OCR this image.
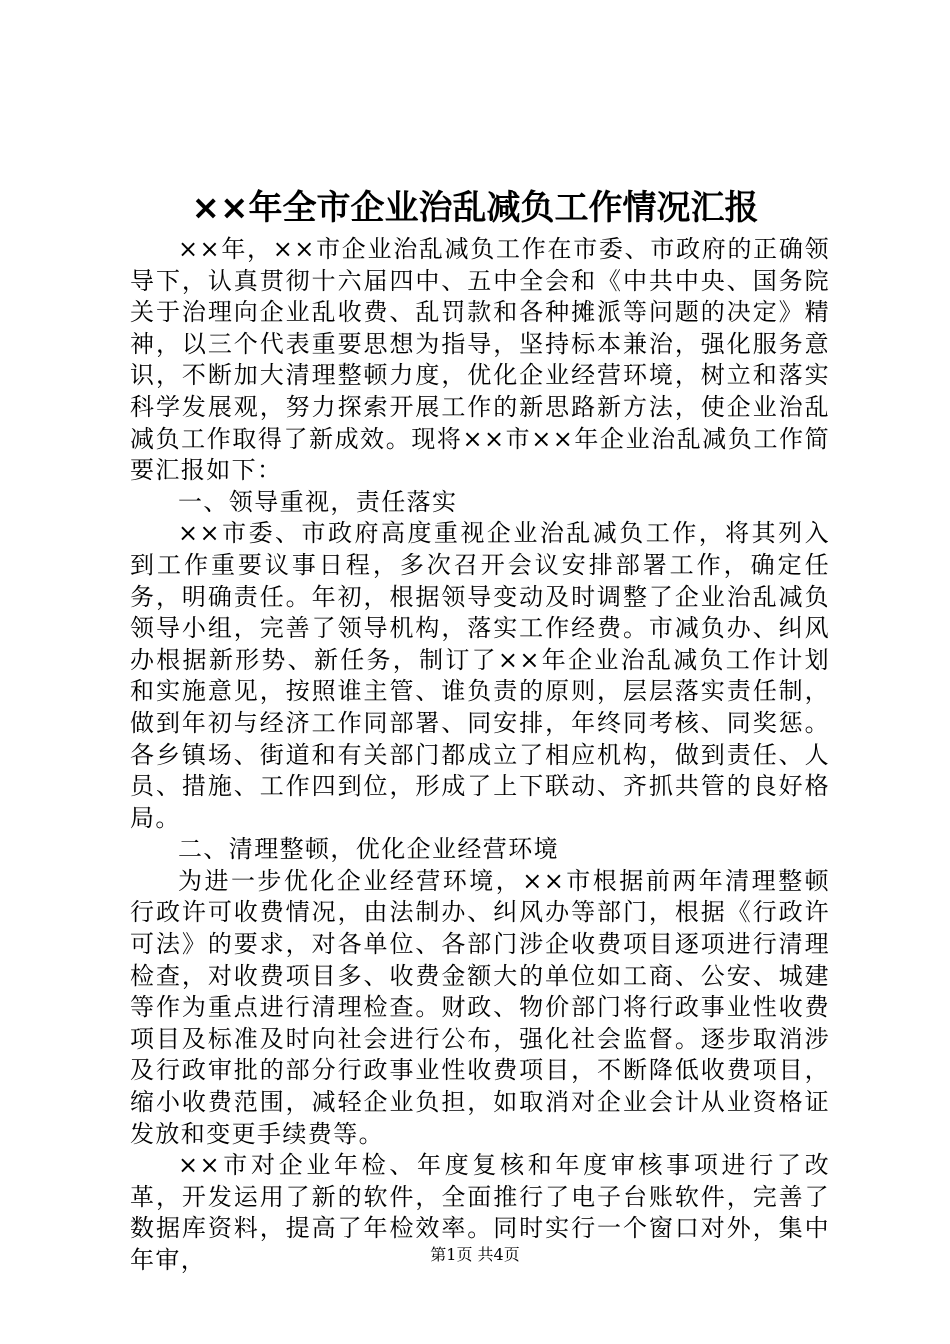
××年全市企业治乱减负工作情况汇报

××年，××市企业治乱减负工作在市委、市政府的正确领导下，认真贯彻十六届四中、五中全会和《中共中央、国务院关于治理向企业乱收费、乱罚款和各种摊派等问题的决定》精神，以三个代表重要思想为指导，坚持标本兼治，强化服务意识，不断加大清理整顿力度，优化企业经营环境，树立和落实科学发展观，努力探索开展工作的新思路新方法，使企业治乱减负工作取得了新成效。现将××市××年企业治乱减负工作简要汇报如下：

一、领导重视，责任落实

××市委、市政府高度重视企业治乱减负工作，将其列入到工作重要议事日程，多次召开会议安排部署工作，确定任务，明确责任。年初，根据领导变动及时调整了企业治乱减负领导小组，完善了领导机构，落实工作经费。市减负办、纠风办根据新形势、新任务，制订了××年企业治乱减负工作计划和实施意见，按照谁主管、谁负责的原则，层层落实责任制，做到年初与经济工作同部署、同安排，年终同考核、同奖惩。各乡镇场、街道和有关部门都成立了相应机构，做到责任、人员、措施、工作四到位，形成了上下联动、齐抓共管的良好格局。

二、清理整顿，优化企业经营环境

为进一步优化企业经营环境，××市根据前两年清理整顿行政许可收费情况，由法制办、纠风办等部门，根据《行政许可法》的要求，对各单位、各部门涉企收费项目逐项进行清理检查，对收费项目多、收费金额大的单位如工商、公安、城建等作为重点进行清理检查。财政、物价部门将行政事业性收费项目及标准及时向社会进行公布，强化社会监督。逐步取消涉及行政审批的部分行政事业性收费项目，不断降低收费项目，缩小收费范围，减轻企业负担，如取消对企业会计从业资格证发放和变更手续费等。

××市对企业年检、年度复核和年度审核事项进行了改革，开发运用了新的软件，全面推行了电子台账软件，完善了数据库资料，提高了年检效率。同时实行一个窗口对外，集中年审，	第1页 共4页
